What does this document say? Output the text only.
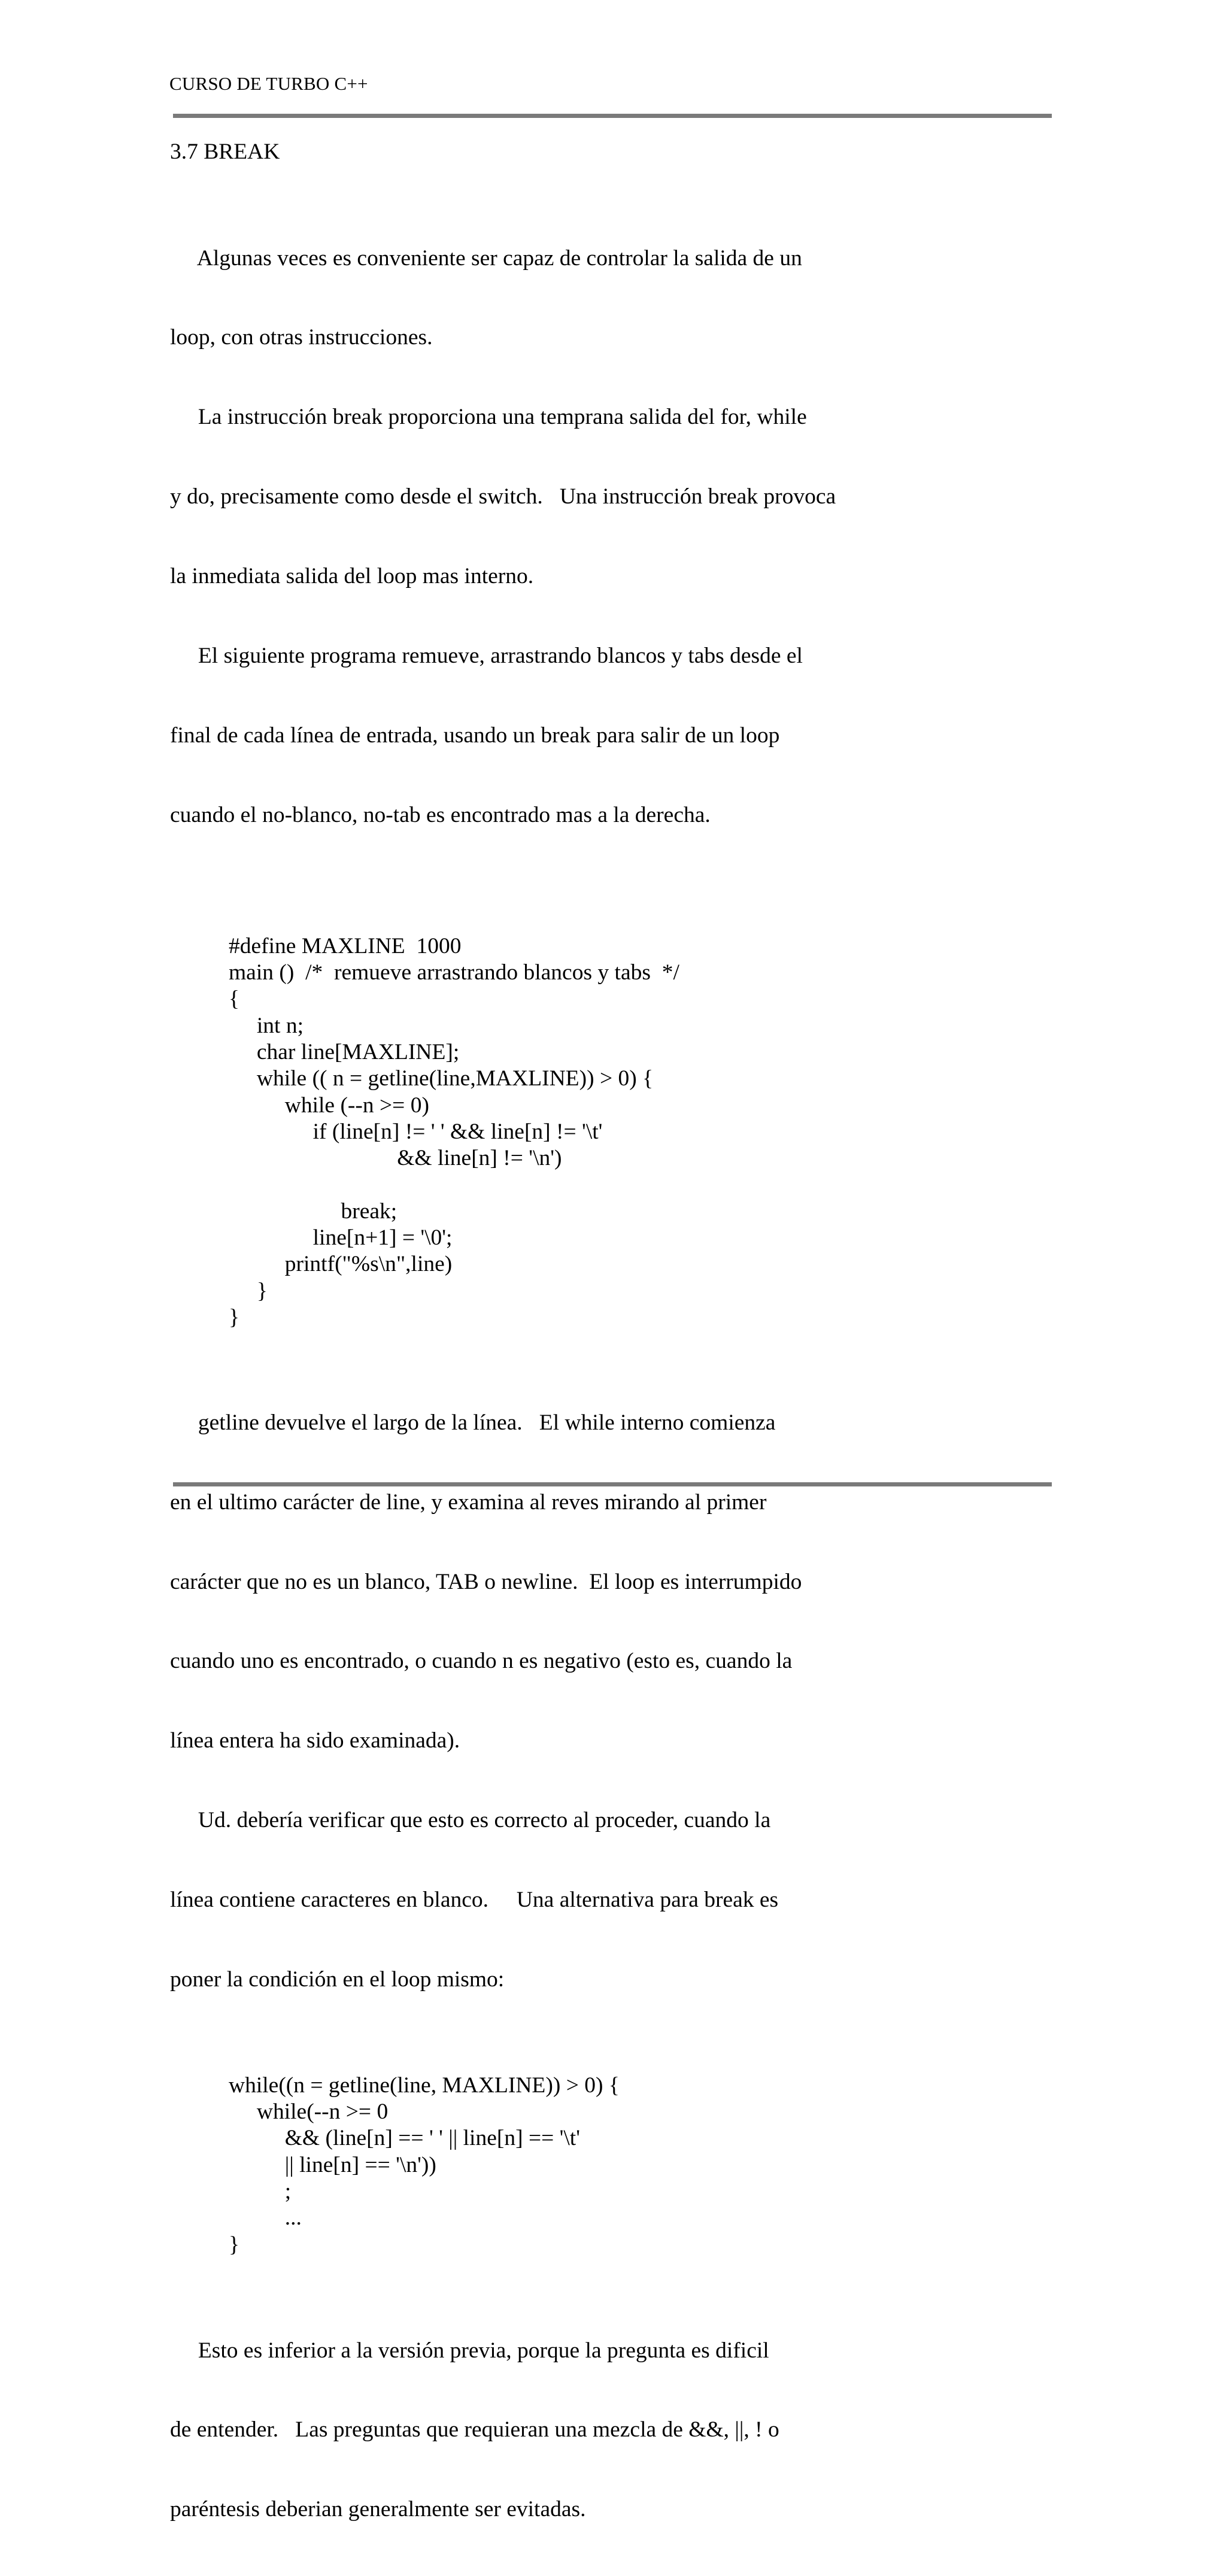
CURSO DE TURBO C++
3.7 BREAK

Algunas veces es conveniente ser capaz de controlar la salida de un

loop, con otras instrucciones.

La instrucción break proporciona una temprana salida del for, while

y do, precisamente como desde el switch.   Una instrucción break provoca

la inmediata salida del loop mas interno.

El siguiente programa remueve, arrastrando blancos y tabs desde el

final de cada línea de entrada, usando un break para salir de un loop

cuando el no-blanco, no-tab es encontrado mas a la derecha.

#define MAXLINE  1000
main ()  /*  remueve arrastrando blancos y tabs  */
{
int n;
char line[MAXLINE];
while (( n = getline(line,MAXLINE)) > 0) {
while (--n >= 0)
if (line[n] != ' ' && line[n] != '\t'
&& line[n] != '\n')
break;
line[n+1] = '\0';
printf("%s\n",line)
}
}

getline devuelve el largo de la línea.   El while interno comienza

en el ultimo carácter de line, y examina al reves mirando al primer

carácter que no es un blanco, TAB o newline.  El loop es interrumpido

cuando uno es encontrado, o cuando n es negativo (esto es, cuando la

línea entera ha sido examinada).

Ud. debería verificar que esto es correcto al proceder, cuando la

línea contiene caracteres en blanco.     Una alternativa para break es

poner la condición en el loop mismo:

while((n = getline(line, MAXLINE)) > 0) {
while(--n >= 0
&& (line[n] == ' ' || line[n] == '\t'
|| line[n] == '\n'))
;
...
}

Esto es inferior a la versión previa, porque la pregunta es dificil

de entender.   Las preguntas que requieran una mezcla de &&, ||, ! o

paréntesis deberian generalmente ser evitadas.
